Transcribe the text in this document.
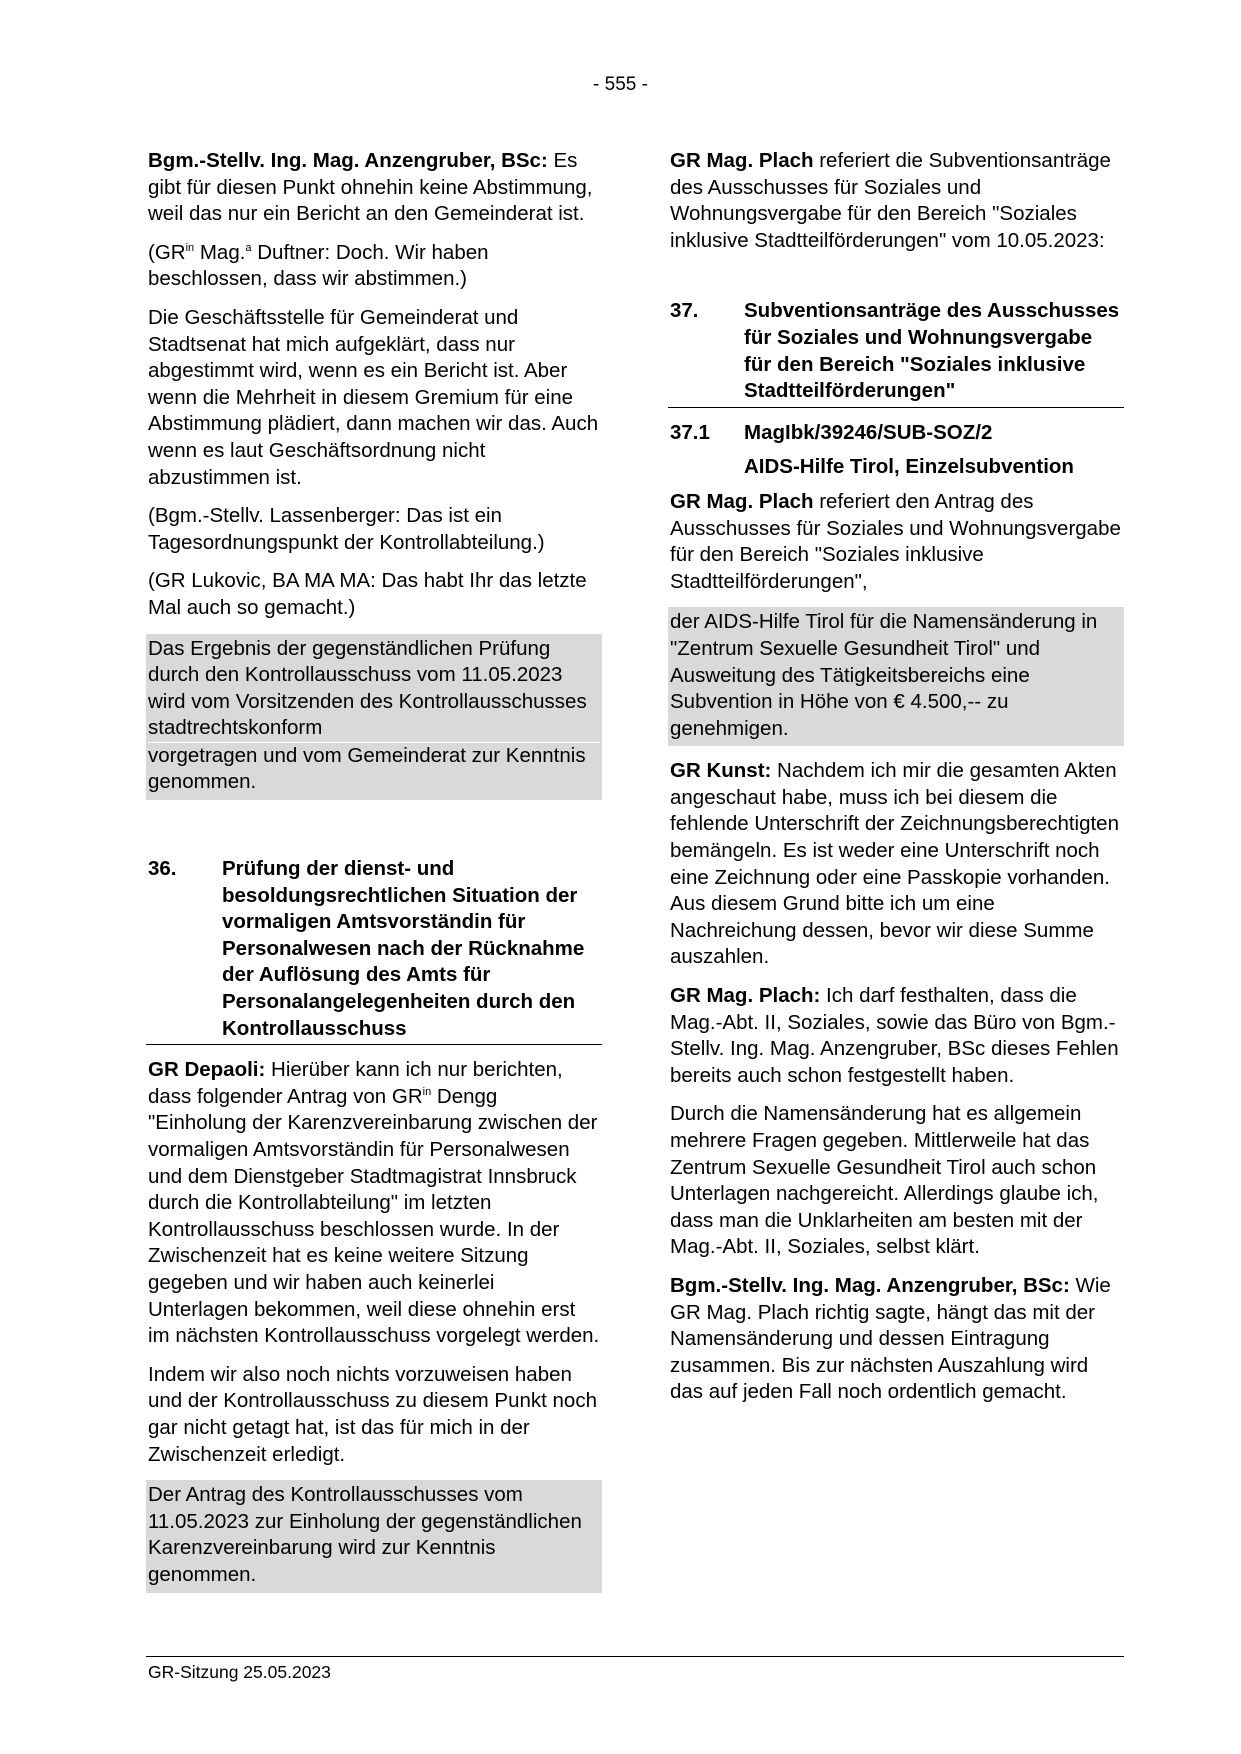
- 555 -

Bgm.-Stellv. Ing. Mag. Anzengruber, BSc: Es gibt für diesen Punkt ohnehin keine Abstimmung, weil das nur ein Bericht an den Gemeinderat ist.

($GR^{in}$ Mag.$^a$ Duftner: Doch. Wir haben beschlossen, dass wir abstimmen.)

Die Geschäftsstelle für Gemeinderat und Stadtsenat hat mich aufgeklärt, dass nur abgestimmt wird, wenn es ein Bericht ist. Aber wenn die Mehrheit in diesem Gremium für eine Abstimmung plädiert, dann machen wir das. Auch wenn es laut Geschäftsordnung nicht abzustimmen ist.

(Bgm.-Stellv. Lassenberger: Das ist ein Tagesordnungspunkt der Kontrollabteilung.)

(GR Lukovic, BA MA MA: Das habt Ihr das letzte Mal auch so gemacht.)

Das Ergebnis der gegenständlichen Prüfung durch den Kontrollausschuss vom 11.05.2023 wird vom Vorsitzenden des Kontrollausschusses stadtrechtskonform
vorgetragen und vom Gemeinderat zur Kenntnis genommen.
36.	Prüfung der dienst- und besoldungsrechtlichen Situation der vormaligen Amtsvorständin für Personalwesen nach der Rücknahme der Auflösung des Amts für Personalangelegenheiten durch den Kontrollausschuss

GR Depaoli: Hierüber kann ich nur berichten, dass folgender Antrag von $GR^{in}$ Dengg "Einholung der Karenzvereinbarung zwischen der vormaligen Amtsvorständin für Personalwesen und dem Dienstgeber Stadtmagistrat Innsbruck durch die Kontrollabteilung" im letzten Kontrollausschuss beschlossen wurde. In der Zwischenzeit hat es keine weitere Sitzung gegeben und wir haben auch keinerlei Unterlagen bekommen, weil diese ohnehin erst im nächsten Kontrollausschuss vorgelegt werden.

Indem wir also noch nichts vorzuweisen haben und der Kontrollausschuss zu diesem Punkt noch gar nicht getagt hat, ist das für mich in der Zwischenzeit erledigt.

Der Antrag des Kontrollausschusses vom 11.05.2023 zur Einholung der gegenständlichen Karenzvereinbarung wird zur Kenntnis genommen.

GR Mag. Plach referiert die Subventionsanträge des Ausschusses für Soziales und Wohnungsvergabe für den Bereich "Soziales inklusive Stadtteilförderungen" vom 10.05.2023:

37.	Subventionsanträge des Ausschusses für Soziales und Wohnungsvergabe für den Bereich "Soziales inklusive Stadtteilförderungen"
37.1	MagIbk/39246/SUB-SOZ/2
AIDS-Hilfe Tirol, Einzelsubvention

GR Mag. Plach referiert den Antrag des Ausschusses für Soziales und Wohnungsvergabe für den Bereich "Soziales inklusive Stadtteilförderungen",

der AIDS-Hilfe Tirol für die Namensänderung in "Zentrum Sexuelle Gesundheit Tirol" und Ausweitung des Tätigkeitsbereichs eine Subvention in Höhe von € 4.500,-- zu genehmigen.

GR Kunst: Nachdem ich mir die gesamten Akten angeschaut habe, muss ich bei diesem die fehlende Unterschrift der Zeichnungsberechtigten bemängeln. Es ist weder eine Unterschrift noch eine Zeichnung oder eine Passkopie vorhanden. Aus diesem Grund bitte ich um eine Nachreichung dessen, bevor wir diese Summe auszahlen.

GR Mag. Plach: Ich darf festhalten, dass die Mag.-Abt. II, Soziales, sowie das Büro von Bgm.-Stellv. Ing. Mag. Anzengruber, BSc dieses Fehlen bereits auch schon festgestellt haben.

Durch die Namensänderung hat es allgemein mehrere Fragen gegeben. Mittlerweile hat das Zentrum Sexuelle Gesundheit Tirol auch schon Unterlagen nachgereicht. Allerdings glaube ich, dass man die Unklarheiten am besten mit der Mag.-Abt. II, Soziales, selbst klärt.

Bgm.-Stellv. Ing. Mag. Anzengruber, BSc: Wie GR Mag. Plach richtig sagte, hängt das mit der Namensänderung und dessen Eintragung zusammen. Bis zur nächsten Auszahlung wird das auf jeden Fall noch ordentlich gemacht.

GR-Sitzung 25.05.2023
